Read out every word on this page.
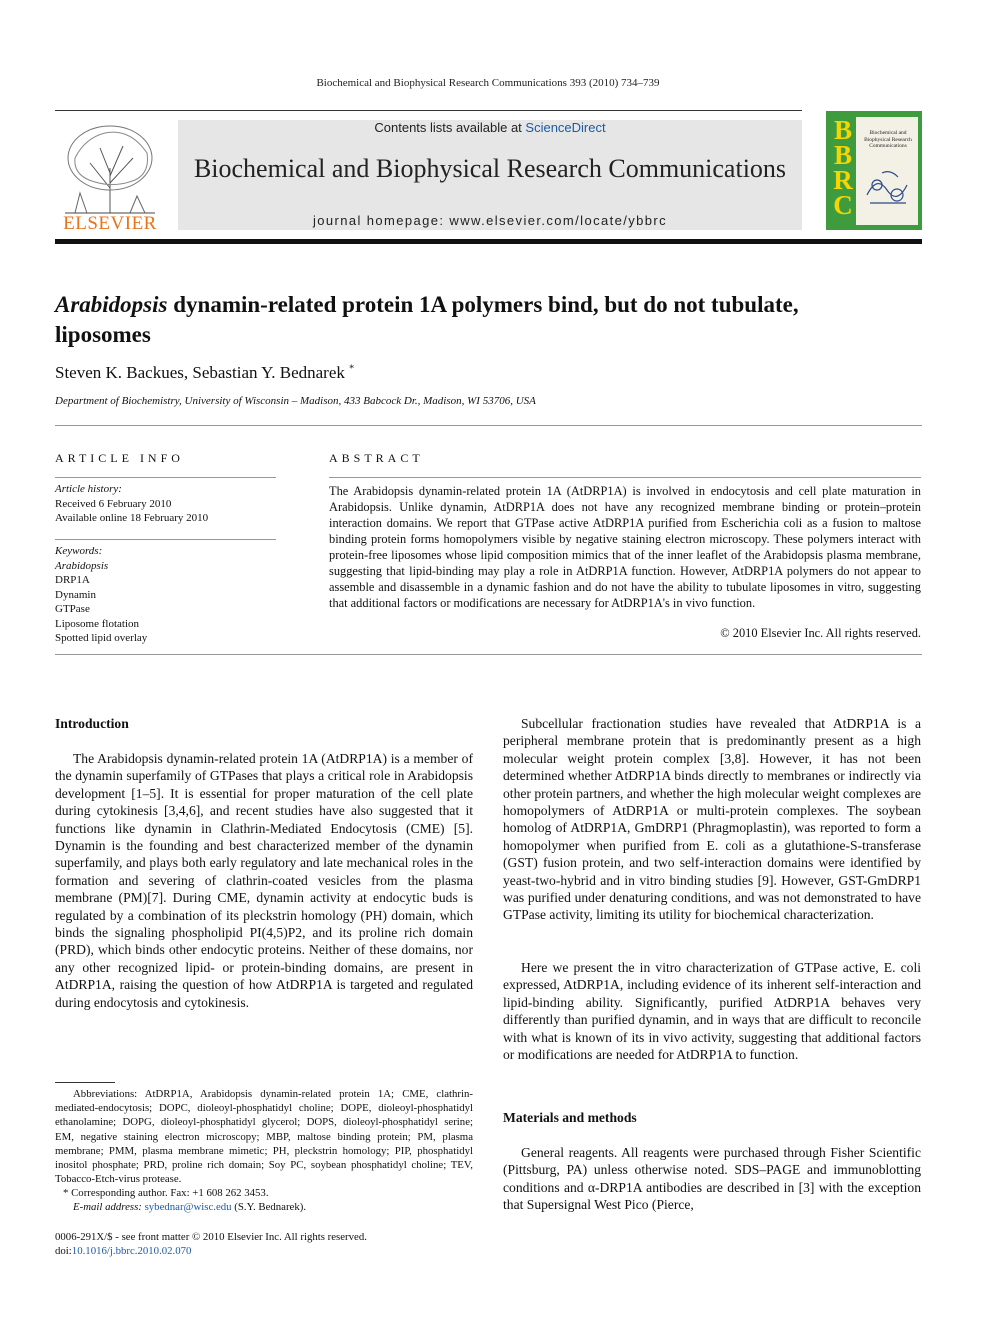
Biochemical and Biophysical Research Communications 393 (2010) 734–739
ELSEVIER
Contents lists available at ScienceDirect
Biochemical and Biophysical Research Communications
journal homepage: www.elsevier.com/locate/ybbrc
B
B
R
C
Biochemical and Biophysical Research Communications
Arabidopsis dynamin-related protein 1A polymers bind, but do not tubulate, liposomes
Steven K. Backues, Sebastian Y. Bednarek *
Department of Biochemistry, University of Wisconsin – Madison, 433 Babcock Dr., Madison, WI 53706, USA
ARTICLE INFO
Article history:
Received 6 February 2010
Available online 18 February 2010
Keywords:
Arabidopsis
DRP1A
Dynamin
GTPase
Liposome flotation
Spotted lipid overlay
ABSTRACT
The Arabidopsis dynamin-related protein 1A (AtDRP1A) is involved in endocytosis and cell plate maturation in Arabidopsis. Unlike dynamin, AtDRP1A does not have any recognized membrane binding or protein–protein interaction domains. We report that GTPase active AtDRP1A purified from Escherichia coli as a fusion to maltose binding protein forms homopolymers visible by negative staining electron microscopy. These polymers interact with protein-free liposomes whose lipid composition mimics that of the inner leaflet of the Arabidopsis plasma membrane, suggesting that lipid-binding may play a role in AtDRP1A function. However, AtDRP1A polymers do not appear to assemble and disassemble in a dynamic fashion and do not have the ability to tubulate liposomes in vitro, suggesting that additional factors or modifications are necessary for AtDRP1A's in vivo function.
© 2010 Elsevier Inc. All rights reserved.
Introduction
The Arabidopsis dynamin-related protein 1A (AtDRP1A) is a member of the dynamin superfamily of GTPases that plays a critical role in Arabidopsis development [1–5]. It is essential for proper maturation of the cell plate during cytokinesis [3,4,6], and recent studies have also suggested that it functions like dynamin in Clathrin-Mediated Endocytosis (CME) [5]. Dynamin is the founding and best characterized member of the dynamin superfamily, and plays both early regulatory and late mechanical roles in the formation and severing of clathrin-coated vesicles from the plasma membrane (PM)[7]. During CME, dynamin activity at endocytic buds is regulated by a combination of its pleckstrin homology (PH) domain, which binds the signaling phospholipid PI(4,5)P2, and its proline rich domain (PRD), which binds other endocytic proteins. Neither of these domains, nor any other recognized lipid- or protein-binding domains, are present in AtDRP1A, raising the question of how AtDRP1A is targeted and regulated during endocytosis and cytokinesis.
Abbreviations: AtDRP1A, Arabidopsis dynamin-related protein 1A; CME, clathrin-mediated-endocytosis; DOPC, dioleoyl-phosphatidyl choline; DOPE, dioleoyl-phosphatidyl ethanolamine; DOPG, dioleoyl-phosphatidyl glycerol; DOPS, dioleoyl-phosphatidyl serine; EM, negative staining electron microscopy; MBP, maltose binding protein; PM, plasma membrane; PMM, plasma membrane mimetic; PH, pleckstrin homology; PIP, phosphatidyl inositol phosphate; PRD, proline rich domain; Soy PC, soybean phosphatidyl choline; TEV, Tobacco-Etch-virus protease.
* Corresponding author. Fax: +1 608 262 3453.
E-mail address: sybednar@wisc.edu (S.Y. Bednarek).
0006-291X/$ - see front matter © 2010 Elsevier Inc. All rights reserved.
doi:10.1016/j.bbrc.2010.02.070
Subcellular fractionation studies have revealed that AtDRP1A is a peripheral membrane protein that is predominantly present as a high molecular weight protein complex [3,8]. However, it has not been determined whether AtDRP1A binds directly to membranes or indirectly via other protein partners, and whether the high molecular weight complexes are homopolymers of AtDRP1A or multi-protein complexes. The soybean homolog of AtDRP1A, GmDRP1 (Phragmoplastin), was reported to form a homopolymer when purified from E. coli as a glutathione-S-transferase (GST) fusion protein, and two self-interaction domains were identified by yeast-two-hybrid and in vitro binding studies [9]. However, GST-GmDRP1 was purified under denaturing conditions, and was not demonstrated to have GTPase activity, limiting its utility for biochemical characterization.
Here we present the in vitro characterization of GTPase active, E. coli expressed, AtDRP1A, including evidence of its inherent self-interaction and lipid-binding ability. Significantly, purified AtDRP1A behaves very differently than purified dynamin, and in ways that are difficult to reconcile with what is known of its in vivo activity, suggesting that additional factors or modifications are needed for AtDRP1A to function.
Materials and methods
General reagents. All reagents were purchased through Fisher Scientific (Pittsburg, PA) unless otherwise noted. SDS–PAGE and immunoblotting conditions and α-DRP1A antibodies are described in [3] with the exception that Supersignal West Pico (Pierce,
